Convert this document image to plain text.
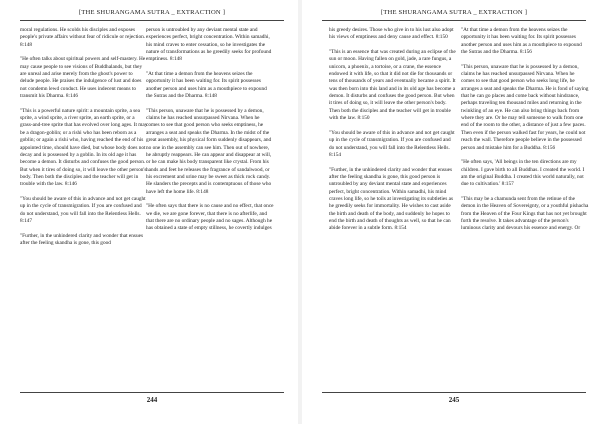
[THE SHURANGAMA SUTRA _ EXTRACTION ]

moral regulations. He scolds his disciples and exposes people's private affairs without fear of ridicule or rejection. 8:148

"He often talks about spiritual powers and self-mastery. He may cause people to see visions of Buddhalands, but they are unreal and arise merely from the ghost's power to delude people. He praises the indulgence of lust and does not condemn lewd conduct. He uses indecent means to transmit his Dharma. 8:146

"This is a powerful nature spirit: a mountain sprite, a sea sprite, a wind sprite, a river sprite, an earth sprite, or a grass-and-tree sprite that has evolved over long ages. It may be a dragon-goblin; or a rishi who has been reborn as a goblin; or again a rishi who, having reached the end of his appointed time, should have died, but whose body does not decay and is possessed by a goblin. In its old age it has become a demon. It disturbs and confuses the good person. But when it tires of doing so, it will leave the other person's body. Then both the disciples and the teacher will get in trouble with the law. 8:146

"You should be aware of this in advance and not get caught up in the cycle of transmigration. If you are confused and do not understand, you will fall into the Relentless Hells. 8:147

"Further, in the unhindered clarity and wonder that ensues after the feeling skandha is gone, this good

person is untroubled by any deviant mental state and experiences perfect, bright concentration. Within samadhi, his mind craves to enter cessation, so he investigates the nature of transformations as he greedily seeks for profound emptiness. 8:148

"At that time a demon from the heavens seizes the opportunity it has been waiting for. Its spirit possesses another person and uses him as a mouthpiece to expound the Sutras and the Dharma. 8:148

"This person, unaware that he is possessed by a demon, claims he has reached unsurpassed Nirvana. When he comes to see that good person who seeks emptiness, he arranges a seat and speaks the Dharma. In the midst of the great assembly, his physical form suddenly disappears, and no one in the assembly can see him. Then out of nowhere, he abruptly reappears. He can appear and disappear at will, or he can make his body transparent like crystal. From his hands and feet he releases the fragrance of sandalwood, or his excrement and urine may be sweet as thick rock candy. He slanders the precepts and is contemptuous of those who have left the home life. 8:148

"He often says that there is no cause and no effect, that once we die, we are gone forever, that there is no afterlife, and that there are no ordinary people and no sages. Although he has obtained a state of empty stillness, he covertly indulges

244
[THE SHURANGAMA SUTRA _ EXTRACTION ]

his greedy desires. Those who give in to his lust also adopt his views of emptiness and deny cause and effect. 8:150

"This is an essence that was created during an eclipse of the sun or moon. Having fallen on gold, jade, a rare fungus, a unicorn, a phoenix, a tortoise, or a crane, the essence endowed it with life, so that it did not die for thousands or tens of thousands of years and eventually became a spirit. It was then born into this land and in its old age has become a demon. It disturbs and confuses the good person. But when it tires of doing so, it will leave the other person's body. Then both the disciples and the teacher will get in trouble with the law. 8:150

"You should be aware of this in advance and not get caught up in the cycle of transmigration. If you are confused and do not understand, you will fall into the Relentless Hells. 8:154

"Further, in the unhindered clarity and wonder that ensues after the feeling skandha is gone, this good person is untroubled by any deviant mental state and experiences perfect, bright concentration. Within samadhi, his mind craves long life, so he toils at investigating its subtleties as he greedily seeks for immortality. He wishes to cast aside the birth and death of the body, and suddenly he hopes to end the birth and death of thoughts as well, so that he can abide forever in a subtle form. 8:154

"At that time a demon from the heavens seizes the opportunity it has been waiting for. Its spirit possesses another person and uses him as a mouthpiece to expound the Sutras and the Dharma. 8:156

"This person, unaware that he is possessed by a demon, claims he has reached unsurpassed Nirvana. When he comes to see that good person who seeks long life, he arranges a seat and speaks the Dharma. He is fond of saying that he can go places and come back without hindrance, perhaps traveling ten thousand miles and returning in the twinkling of an eye. He can also bring things back from where they are. Or he may tell someone to walk from one end of the room to the other, a distance of just a few paces. Then even if the person walked fast for years, he could not reach the wall. Therefore people believe in the possessed person and mistake him for a Buddha. 8:156

"He often says, 'All beings in the ten directions are my children. I gave birth to all Buddhas. I created the world. I am the original Buddha. I created this world naturally, not due to cultivation.' 8:157

"This may be a chamunda sent from the retinue of the demon in the Heaven of Sovereignty, or a youthful pishacha from the Heaven of the Four Kings that has not yet brought forth the resolve. It takes advantage of the person's luminous clarity and devours his essence and energy. Or

245
